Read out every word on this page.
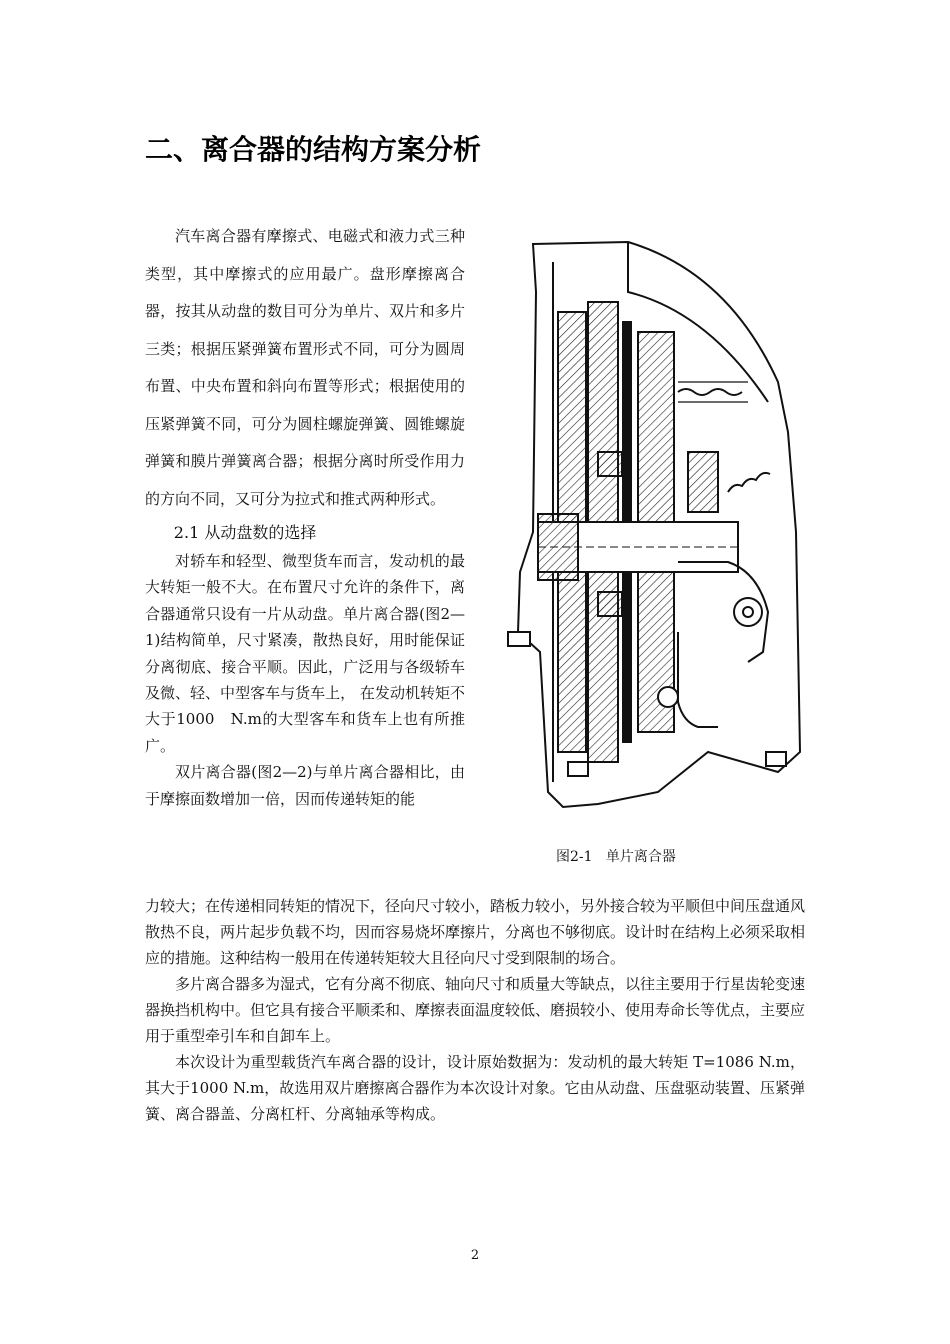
二、离合器的结构方案分析

汽车离合器有摩擦式、电磁式和液力式三种类型，其中摩擦式的应用最广。盘形摩擦离合器，按其从动盘的数目可分为单片、双片和多片三类；根据压紧弹簧布置形式不同，可分为圆周布置、中央布置和斜向布置等形式；根据使用的压紧弹簧不同，可分为圆柱螺旋弹簧、圆锥螺旋弹簧和膜片弹簧离合器；根据分离时所受作用力的方向不同，又可分为拉式和推式两种形式。

2.1 从动盘数的选择

对轿车和轻型、微型货车而言，发动机的最大转矩一般不大。在布置尺寸允许的条件下，离合器通常只设有一片从动盘。单片离合器(图2—1)结构简单，尺寸紧凑，散热良好，用时能保证分离彻底、接合平顺。因此，广泛用与各级轿车及微、轻、中型客车与货车上， 在发动机转矩不大于1000　N.m的大型客车和货车上也有所推广。

双片离合器(图2—2)与单片离合器相比，由于摩擦面数增加一倍，因而传递转矩的能

图2-1   单片离合器

力较大；在传递相同转矩的情况下，径向尺寸较小，踏板力较小，另外接合较为平顺但中间压盘通风散热不良，两片起步负载不均，因而容易烧坏摩擦片，分离也不够彻底。设计时在结构上必须采取相应的措施。这种结构一般用在传递转矩较大且径向尺寸受到限制的场合。

多片离合器多为湿式，它有分离不彻底、轴向尺寸和质量大等缺点，以往主要用于行星齿轮变速器换挡机构中。但它具有接合平顺柔和、摩擦表面温度较低、磨损较小、使用寿命长等优点，主要应用于重型牵引车和自卸车上。

本次设计为重型载货汽车离合器的设计，设计原始数据为：发动机的最大转矩 T=1086 N.m，其大于1000 N.m，故选用双片磨擦离合器作为本次设计对象。它由从动盘、压盘驱动装置、压紧弹簧、离合器盖、分离杠杆、分离轴承等构成。

2
